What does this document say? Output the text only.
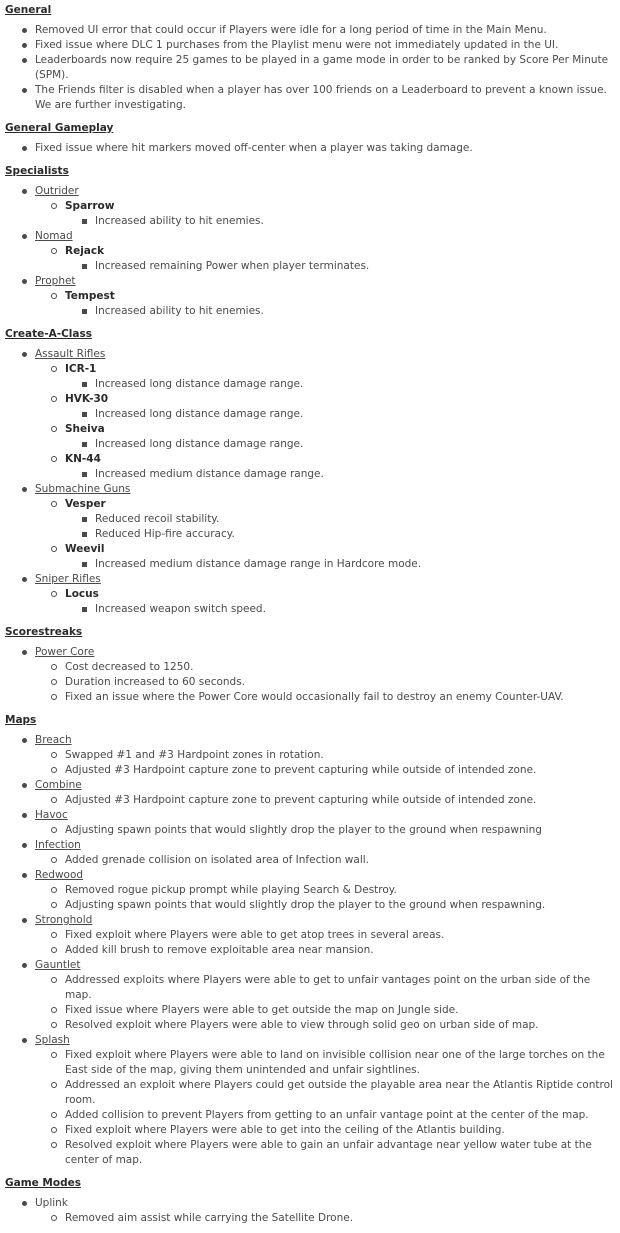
General
Removed UI error that could occur if Players were idle for a long period of time in the Main Menu.
Fixed issue where DLC 1 purchases from the Playlist menu were not immediately updated in the UI.
Leaderboards now require 25 games to be played in a game mode in order to be ranked by Score Per Minute (SPM).
The Friends filter is disabled when a player has over 100 friends on a Leaderboard to prevent a known issue. We are further investigating.
General Gameplay
Fixed issue where hit markers moved off-center when a player was taking damage.
Specialists
Outrider
Sparrow
Increased ability to hit enemies.
Nomad
Rejack
Increased remaining Power when player terminates.
Prophet
Tempest
Increased ability to hit enemies.
Create-A-Class
Assault Rifles
ICR-1
Increased long distance damage range.
HVK-30
Increased long distance damage range.
Sheiva
Increased long distance damage range.
KN-44
Increased medium distance damage range.
Submachine Guns
Vesper
Reduced recoil stability.
Reduced Hip-fire accuracy.
Weevil
Increased medium distance damage range in Hardcore mode.
Sniper Rifles
Locus
Increased weapon switch speed.
Scorestreaks
Power Core
Cost decreased to 1250.
Duration increased to 60 seconds.
Fixed an issue where the Power Core would occasionally fail to destroy an enemy Counter-UAV.
Maps
Breach
Swapped #1 and #3 Hardpoint zones in rotation.
Adjusted #3 Hardpoint capture zone to prevent capturing while outside of intended zone.
Combine
Adjusted #3 Hardpoint capture zone to prevent capturing while outside of intended zone.
Havoc
Adjusting spawn points that would slightly drop the player to the ground when respawning
Infection
Added grenade collision on isolated area of Infection wall.
Redwood
Removed rogue pickup prompt while playing Search & Destroy.
Adjusting spawn points that would slightly drop the player to the ground when respawning.
Stronghold
Fixed exploit where Players were able to get atop trees in several areas.
Added kill brush to remove exploitable area near mansion.
Gauntlet
Addressed exploits where Players were able to get to unfair vantages point on the urban side of the map.
Fixed issue where Players were able to get outside the map on Jungle side.
Resolved exploit where Players were able to view through solid geo on urban side of map.
Splash
Fixed exploit where Players were able to land on invisible collision near one of the large torches on the East side of the map, giving them unintended and unfair sightlines.
Addressed an exploit where Players could get outside the playable area near the Atlantis Riptide control room.
Added collision to prevent Players from getting to an unfair vantage point at the center of the map.
Fixed exploit where Players were able to get into the ceiling of the Atlantis building.
Resolved exploit where Players were able to gain an unfair advantage near yellow water tube at the center of map.
Game Modes
Uplink
Removed aim assist while carrying the Satellite Drone.
